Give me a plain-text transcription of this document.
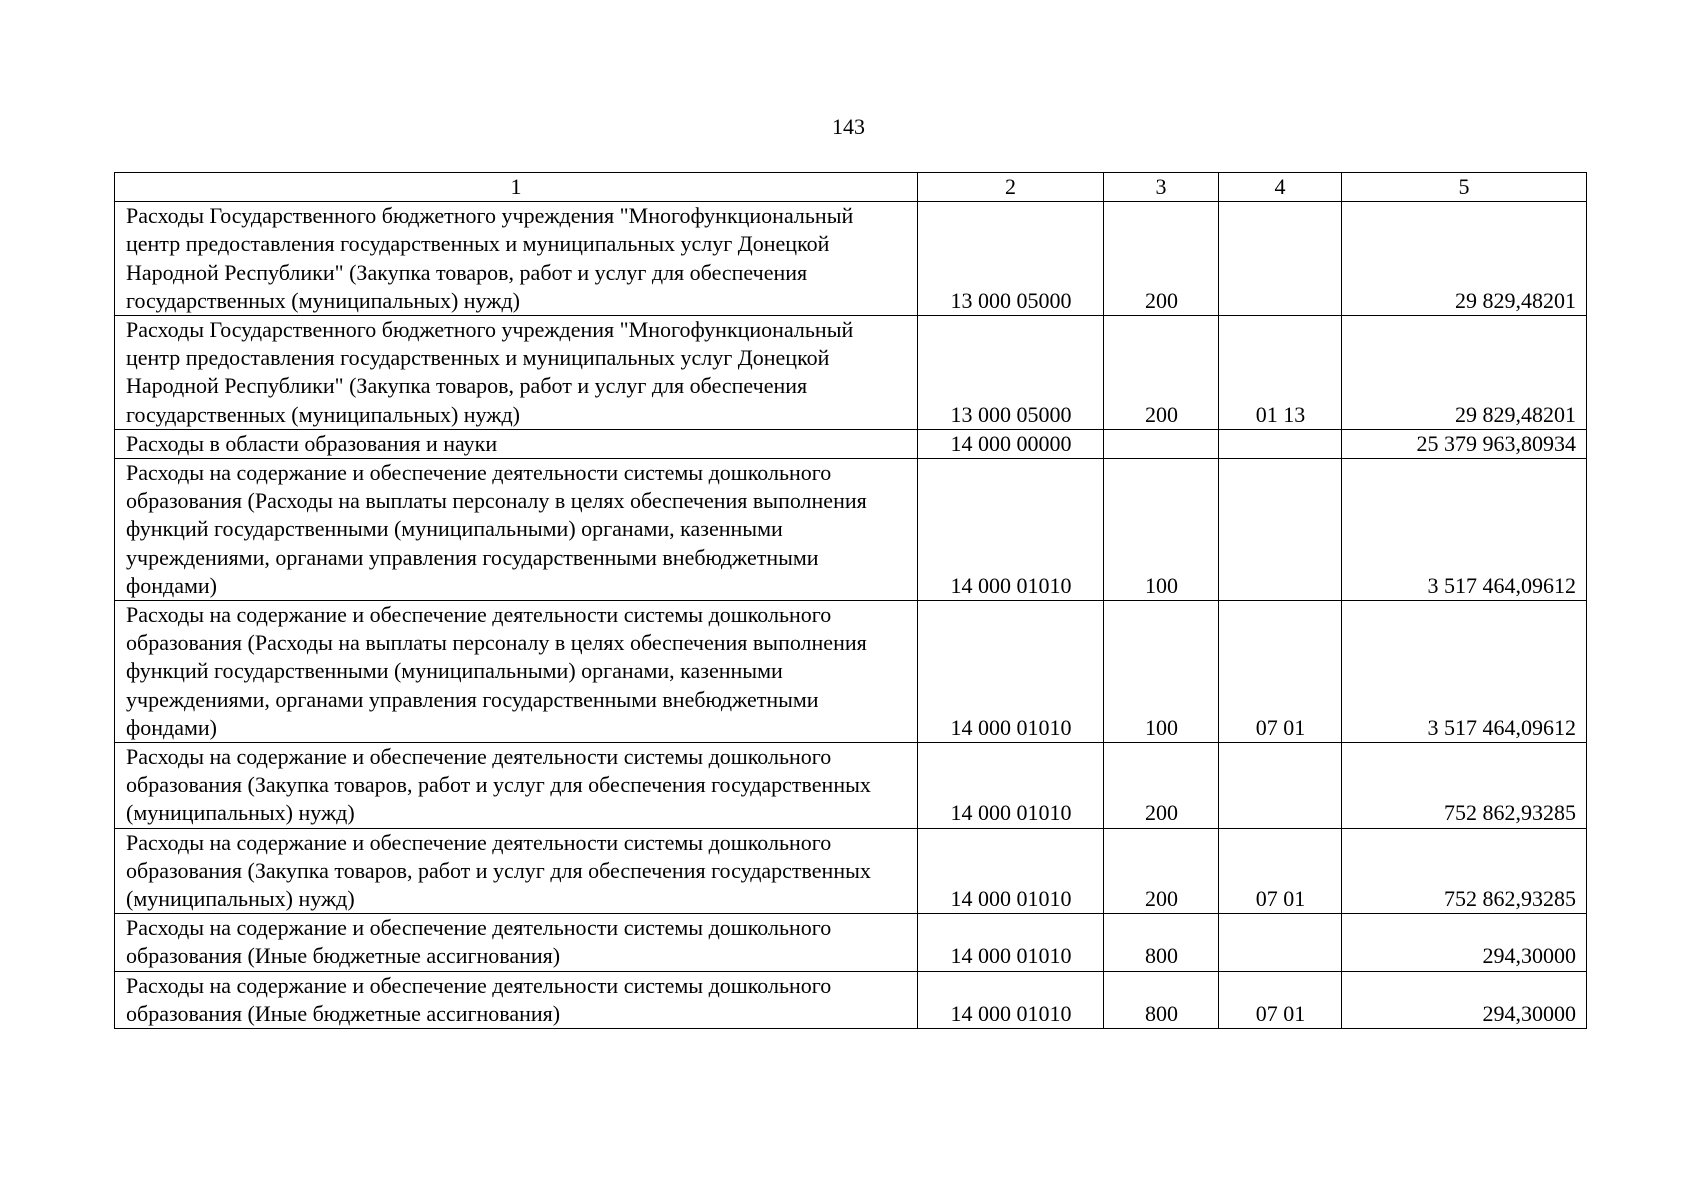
143
1	2	3	4	5
Расходы Государственного бюджетного учреждения "Многофункциональный центр предоставления государственных и муниципальных услуг Донецкой Народной Республики" (Закупка товаров, работ и услуг для обеспечения государственных (муниципальных) нужд)	13 000 05000	200		29 829,48201
Расходы Государственного бюджетного учреждения "Многофункциональный центр предоставления государственных и муниципальных услуг Донецкой Народной Республики" (Закупка товаров, работ и услуг для обеспечения государственных (муниципальных) нужд)	13 000 05000	200	01 13	29 829,48201
Расходы в области образования и науки	14 000 00000			25 379 963,80934
Расходы на содержание и обеспечение деятельности системы дошкольного образования (Расходы на выплаты персоналу в целях обеспечения выполнения функций государственными (муниципальными) органами, казенными учреждениями, органами управления государственными внебюджетными фондами)	14 000 01010	100		3 517 464,09612
Расходы на содержание и обеспечение деятельности системы дошкольного образования (Расходы на выплаты персоналу в целях обеспечения выполнения функций государственными (муниципальными) органами, казенными учреждениями, органами управления государственными внебюджетными фондами)	14 000 01010	100	07 01	3 517 464,09612
Расходы на содержание и обеспечение деятельности системы дошкольного образования (Закупка товаров, работ и услуг для обеспечения государственных (муниципальных) нужд)	14 000 01010	200		752 862,93285
Расходы на содержание и обеспечение деятельности системы дошкольного образования (Закупка товаров, работ и услуг для обеспечения государственных (муниципальных) нужд)	14 000 01010	200	07 01	752 862,93285
Расходы на содержание и обеспечение деятельности системы дошкольного образования (Иные бюджетные ассигнования)	14 000 01010	800		294,30000
Расходы на содержание и обеспечение деятельности системы дошкольного образования (Иные бюджетные ассигнования)	14 000 01010	800	07 01	294,30000
